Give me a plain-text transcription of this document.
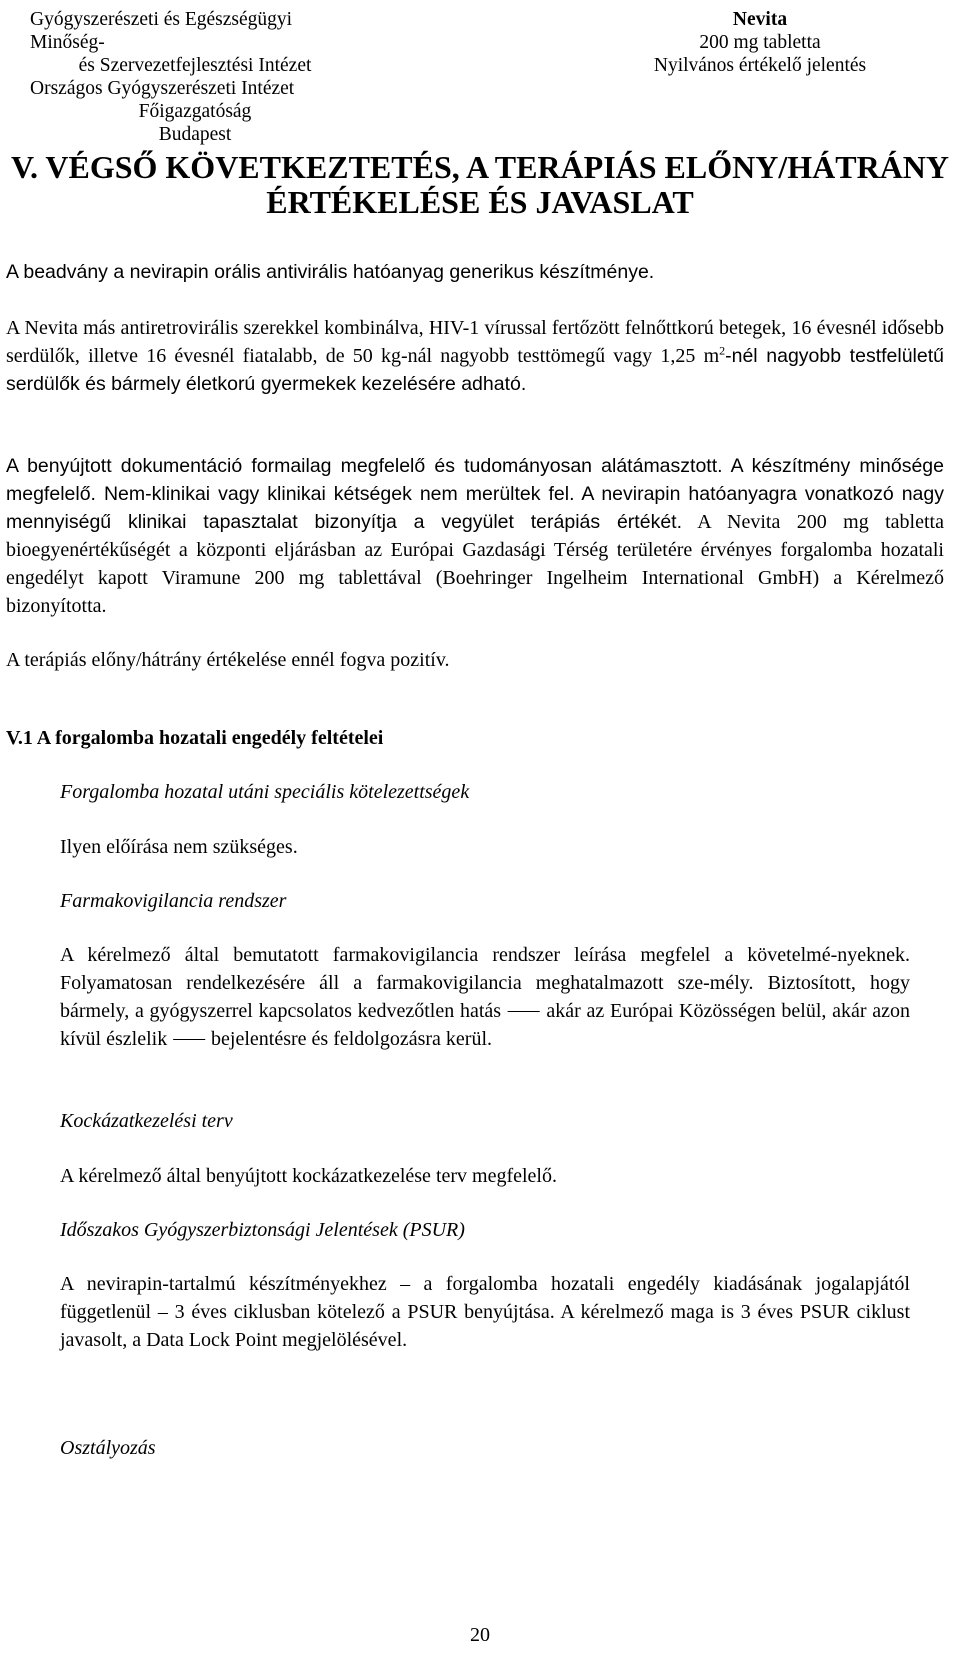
Gyógyszerészeti és Egészségügyi Minőség-
és Szervezetfejlesztési Intézet
Országos Gyógyszerészeti Intézet
Főigazgatóság
Budapest
Nevita
200 mg tabletta
Nyilvános értékelő jelentés
V. VÉGSŐ KÖVETKEZTETÉS, A TERÁPIÁS ELŐNY/HÁTRÁNY
ÉRTÉKELÉSE ÉS JAVASLAT

A beadvány a nevirapin orális antivirális hatóanyag generikus készítménye.

A Nevita más antiretrovirális szerekkel kombinálva, HIV-1 vírussal fertőzött felnőttkorú betegek, 16 évesnél idősebb serdülők, illetve 16 évesnél fiatalabb, de 50 kg-nál nagyobb testtömegű vagy 1,25 $m^2$-nél nagyobb testfelületű serdülők és bármely életkorú gyermekek kezelésére adható.

A benyújtott dokumentáció formailag megfelelő és tudományosan alátámasztott. A készítmény minősége megfelelő. Nem-klinikai vagy klinikai kétségek nem merültek fel. A nevirapin hatóanyagra vonatkozó nagy mennyiségű klinikai tapasztalat bizonyítja a vegyület terápiás értékét. A Nevita 200 mg tabletta bioegyenértékűségét a központi eljárásban az Európai Gazdasági Térség területére érvényes forgalomba hozatali engedélyt kapott Viramune 200 mg tablettával (Boehringer Ingelheim International GmbH) a Kérelmező bizonyította.

A terápiás előny/hátrány értékelése ennél fogva pozitív.

V.1 A forgalomba hozatali engedély feltételei
Forgalomba hozatal utáni speciális kötelezettségek
Ilyen előírása nem szükséges.
Farmakovigilancia rendszer
A kérelmező által bemutatott farmakovigilancia rendszer leírása megfelel a követelmé-nyeknek. Folyamatosan rendelkezésére áll a farmakovigilancia meghatalmazott sze-mély. Biztosított, hogy bármely, a gyógyszerrel kapcsolatos kedvezőtlen hatás ⸺ akár az Európai Közösségen belül, akár azon kívül észlelik ⸺ bejelentésre és feldolgozásra kerül.
Kockázatkezelési terv
A kérelmező által benyújtott kockázatkezelése terv megfelelő.
Időszakos Gyógyszerbiztonsági Jelentések (PSUR)
A nevirapin-tartalmú készítményekhez – a forgalomba hozatali engedély kiadásának jogalapjától függetlenül – 3 éves ciklusban kötelező a PSUR benyújtása. A kérelmező maga is 3 éves PSUR ciklust javasolt, a Data Lock Point megjelölésével.
Osztályozás
20
